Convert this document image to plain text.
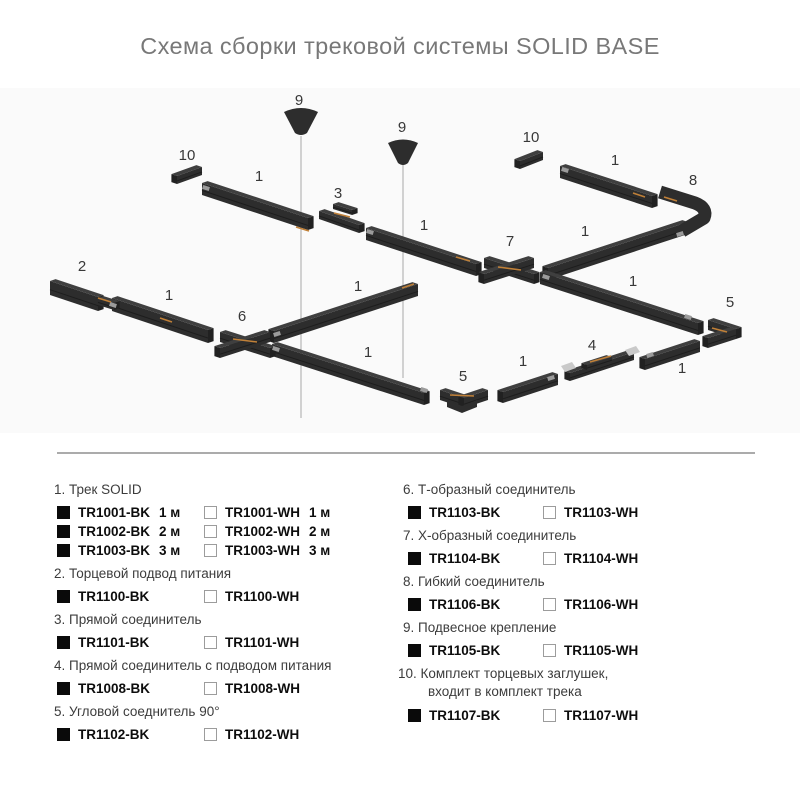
Схема сборки трековой системы SOLID BASE
9
9
10
1
3
1
10
1
8
7
1
1
5
1
4
1
5
2
1
6
1
1
1. Трек SOLID
TR1001-BK 1 м	TR1001-WH 1 м
TR1002-BK 2 м	TR1002-WH 2 м
TR1003-BK 3 м	TR1003-WH 3 м
2. Торцевой подвод питания
TR1100-BK	TR1100-WH
3. Прямой соединитель
TR1101-BK	TR1101-WH
4. Прямой соединитель с подводом питания
TR1008-BK	TR1008-WH
5. Угловой соеднитель 90°
TR1102-BK	TR1102-WH
6. Т-образный соединитель
TR1103-BK	TR1103-WH
7. Х-образный соединитель
TR1104-BK	TR1104-WH
8. Гибкий соединитель
TR1106-BK	TR1106-WH
9. Подвесное крепление
TR1105-BK	TR1105-WH
10. Комплект торцевых заглушек,
входит в комплект трека
TR1107-BK	TR1107-WH
